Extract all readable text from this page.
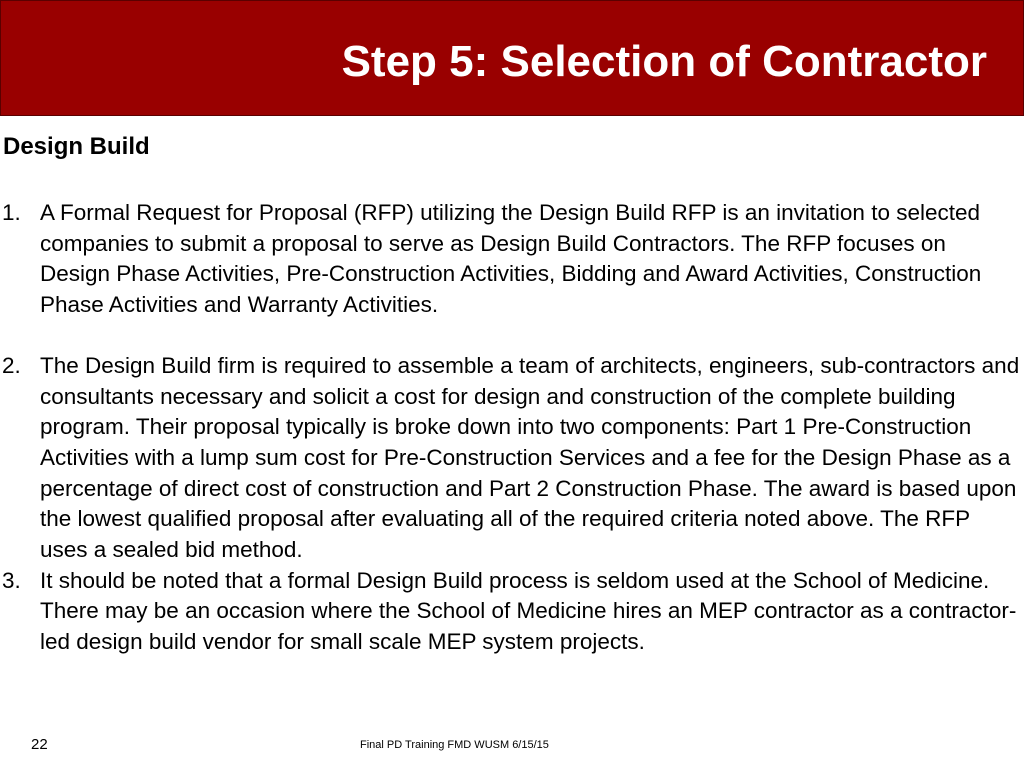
Step 5: Selection of Contractor
Design Build
1. A Formal Request for Proposal (RFP) utilizing the Design Build RFP is an invitation to selected companies to submit a proposal to serve as Design Build Contractors. The RFP focuses on Design Phase Activities, Pre-Construction Activities, Bidding and Award Activities, Construction Phase Activities and Warranty Activities.
2. The Design Build firm is required to assemble a team of architects, engineers, sub-contractors and consultants necessary and solicit a cost for design and construction of the complete building program. Their proposal typically is broke down into two components: Part 1 Pre-Construction Activities with a lump sum cost for Pre-Construction Services and a fee for the Design Phase as a percentage of direct cost of construction and Part 2 Construction Phase. The award is based upon the lowest qualified proposal after evaluating all of the required criteria noted above. The RFP uses a sealed bid method.
3. It should be noted that a formal Design Build process is seldom used at the School of Medicine. There may be an occasion where the School of Medicine hires an MEP contractor as a contractor-led design build vendor for small scale MEP system projects.
22	Final PD Training FMD WUSM 6/15/15
